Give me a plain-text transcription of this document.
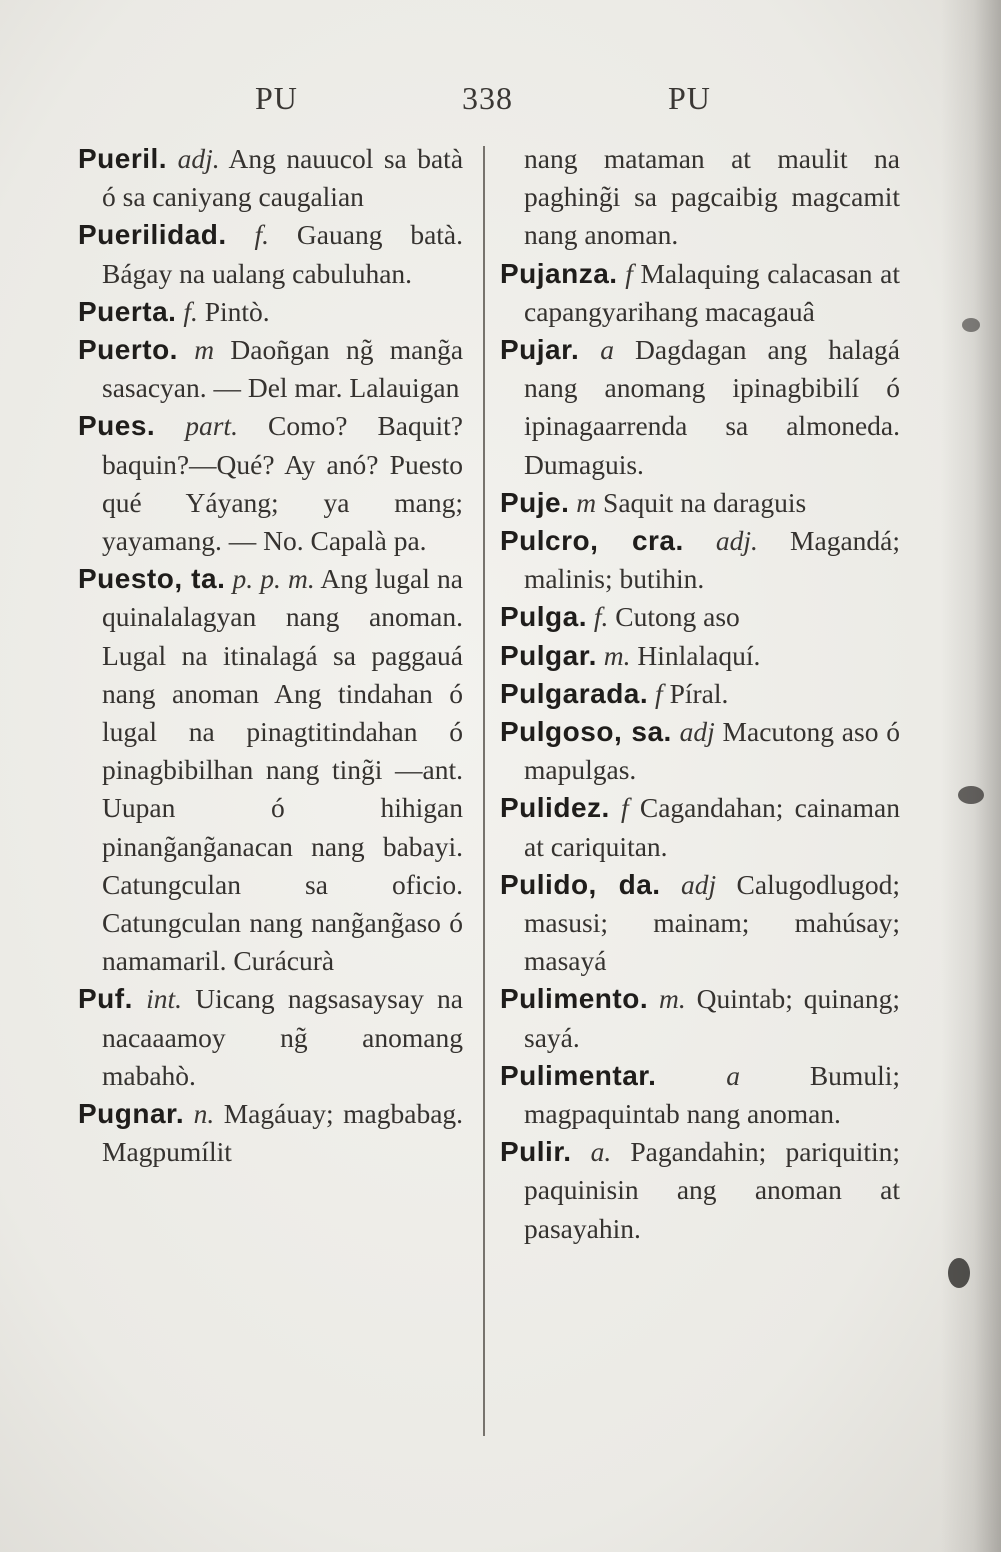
PU	338	PU

Pueril. adj. Ang nauucol sa batà ó sa caniyang caugalian

Puerilidad. f. Gauang batà. Bágay na ualang cabuluhan.

Puerta. f. Pintò.

Puerto. m Daoñgan ng̃ mang̃a sasacyan. — Del mar. Lalauigan

Pues. part. Como? Baquit? baquin?—Qué? Ay anó? Puesto qué Yáyang; ya mang; yayamang. — No. Capalà pa.

Puesto, ta. p. p. m. Ang lugal na quinalalagyan nang anoman. Lugal na itinalagá sa paggauá nang anoman Ang tindahan ó lugal na pinagtitindahan ó pinagbibilhan nang ting̃i —ant. Uupan ó hihigan pinang̃ang̃anacan nang babayi. Catungculan sa oficio. Catungculan nang nang̃ang̃aso ó namamaril. Curácurà

Puf. int. Uicang nagsasaysay na nacaaamoy ng̃ anomang mabahò.

Pugnar. n. Magáuay; magbabag. Magpumílit

nang mataman at maulit na paghing̃i sa pagcaibig magcamit nang anoman.

Pujanza. f Malaquing calacasan at capangyarihang macagauâ

Pujar. a Dagdagan ang halagá nang anomang ipinagbibilí ó ipinagaarrenda sa almoneda. Dumaguis.

Puje. m Saquit na daraguis

Pulcro, cra. adj. Magandá; malinis; butihin.

Pulga. f. Cutong aso

Pulgar. m. Hinlalaquí.

Pulgarada. f Píral.

Pulgoso, sa. adj Macutong aso ó mapulgas.

Pulidez. f Cagandahan; cainaman at cariquitan.

Pulido, da. adj Calugodlugod; masusi; mainam; mahúsay; masayá

Pulimento. m. Quintab; quinang; sayá.

Pulimentar.	a	Bumuli; magpaquintab nang anoman.

Pulir. a. Pagandahin; pariquitin; paquinisin ang anoman at pasayahin.
